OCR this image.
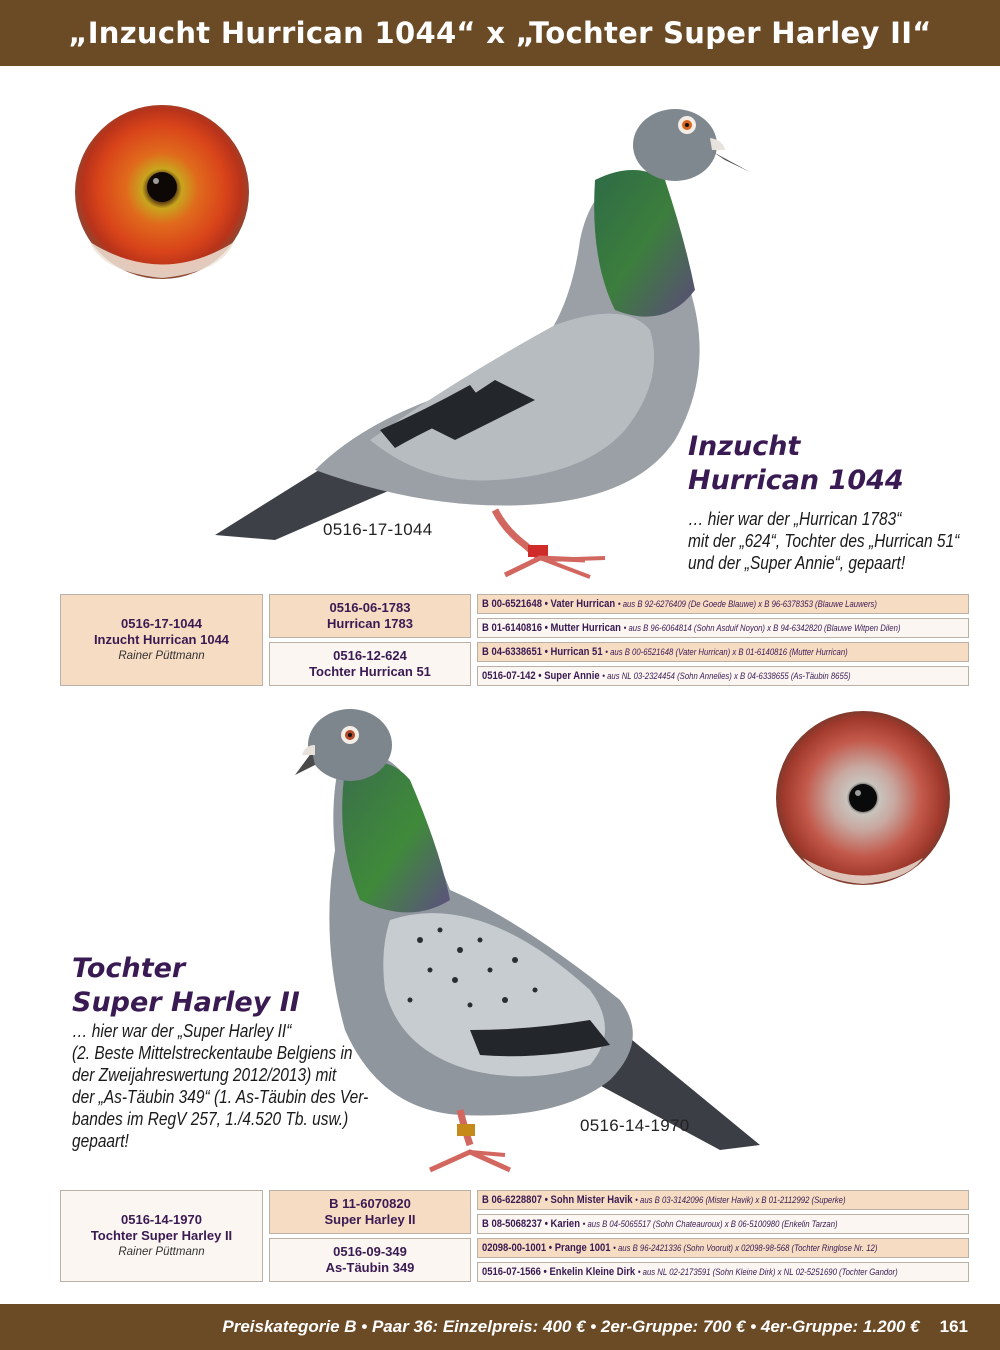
„Inzucht Hurrican 1044“ x „Tochter Super Harley II“
Inzucht
Hurrican 1044
… hier war der „Hurrican 1783“
mit der „624“, Tochter des „Hurrican 51“
und der „Super Annie“, gepaart!
0516-17-1044
0516-17-1044
Inzucht Hurrican 1044
Rainer Püttmann
0516-06-1783
Hurrican 1783
0516-12-624
Tochter Hurrican 51
B 00-6521648 • Vater Hurrican • aus B 92-6276409 (De Goede Blauwe) x B 96-6378353 (Blauwe Lauwers)
B 01-6140816 • Mutter Hurrican • aus B 96-6064814 (Sohn Asduif Noyon) x B 94-6342820 (Blauwe Witpen Dilen)
B 04-6338651 • Hurrican 51 • aus B 00-6521648 (Vater Hurrican) x B 01-6140816 (Mutter Hurrican)
0516-07-142 • Super Annie • aus NL 03-2324454 (Sohn Annelies) x B 04-6338655 (As-Täubin 8655)
Tochter
Super Harley II
… hier war der „Super Harley II“
(2. Beste Mittelstreckentaube Belgiens in
der Zweijahreswertung 2012/2013) mit
der „As-Täubin 349“ (1. As-Täubin des Ver-
bandes im RegV 257, 1./4.520 Tb. usw.)
gepaart!
0516-14-1970
0516-14-1970
Tochter Super Harley II
Rainer Püttmann
B 11-6070820
Super Harley II
0516-09-349
As-Täubin 349
B 06-6228807 • Sohn Mister Havik • aus B 03-3142096 (Mister Havik) x B 01-2112992 (Superke)
B 08-5068237 • Karien • aus B 04-5065517 (Sohn Chateauroux) x B 06-5100980 (Enkelin Tarzan)
02098-00-1001 • Prange 1001 • aus B 96-2421336 (Sohn Vooruit) x 02098-98-568 (Tochter Ringlose Nr. 12)
0516-07-1566 • Enkelin Kleine Dirk • aus NL 02-2173591 (Sohn Kleine Dirk) x NL 02-5251690 (Tochter Gandor)
Preiskategorie B • Paar 36: Einzelpreis: 400 € • 2er-Gruppe: 700 € • 4er-Gruppe: 1.200 € 161
